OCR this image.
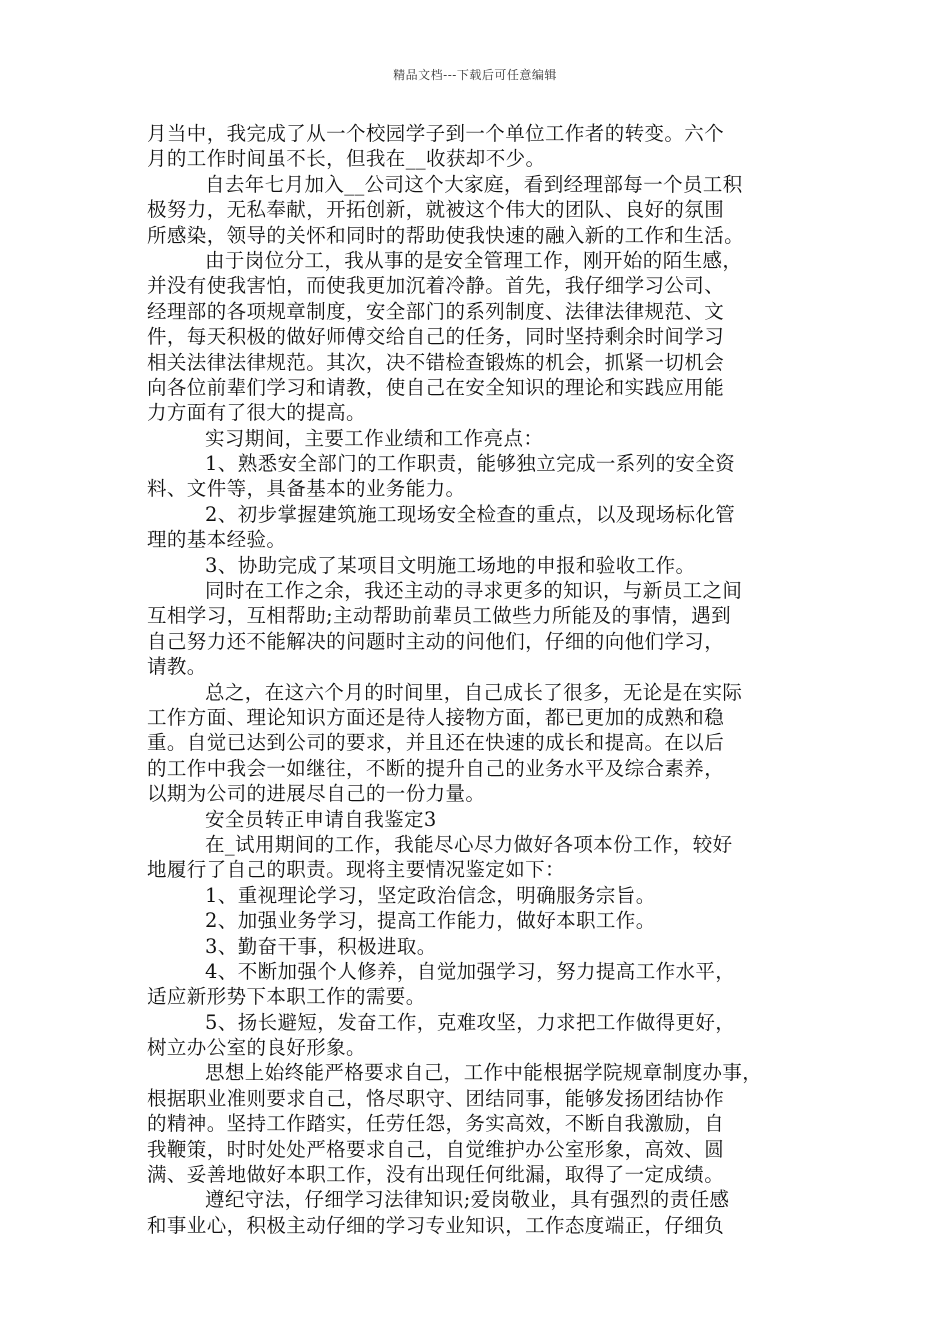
精品文档---下载后可任意编辑
月当中，我完成了从一个校园学子到一个单位工作者的转变。六个
月的工作时间虽不长，但我在__收获却不少。
自去年七月加入__公司这个大家庭，看到经理部每一个员工积
极努力，无私奉献，开拓创新，就被这个伟大的团队、良好的氛围
所感染，领导的关怀和同时的帮助使我快速的融入新的工作和生活。
由于岗位分工，我从事的是安全管理工作，刚开始的陌生感，
并没有使我害怕，而使我更加沉着冷静。首先，我仔细学习公司、
经理部的各项规章制度，安全部门的系列制度、法律法律规范、文
件，每天积极的做好师傅交给自己的任务，同时坚持剩余时间学习
相关法律法律规范。其次，决不错检查锻炼的机会，抓紧一切机会
向各位前辈们学习和请教，使自己在安全知识的理论和实践应用能
力方面有了很大的提高。
实习期间，主要工作业绩和工作亮点：
1、熟悉安全部门的工作职责，能够独立完成一系列的安全资
料、文件等，具备基本的业务能力。
2、初步掌握建筑施工现场安全检查的重点，以及现场标化管
理的基本经验。
3、协助完成了某项目文明施工场地的申报和验收工作。
同时在工作之余，我还主动的寻求更多的知识，与新员工之间
互相学习，互相帮助;主动帮助前辈员工做些力所能及的事情，遇到
自己努力还不能解决的问题时主动的问他们，仔细的向他们学习，
请教。
总之，在这六个月的时间里，自己成长了很多，无论是在实际
工作方面、理论知识方面还是待人接物方面，都已更加的成熟和稳
重。自觉已达到公司的要求，并且还在快速的成长和提高。在以后
的工作中我会一如继往，不断的提升自己的业务水平及综合素养，
以期为公司的进展尽自己的一份力量。
安全员转正申请自我鉴定3
在_试用期间的工作，我能尽心尽力做好各项本份工作，较好
地履行了自己的职责。现将主要情况鉴定如下：
1、重视理论学习，坚定政治信念，明确服务宗旨。
2、加强业务学习，提高工作能力，做好本职工作。
3、勤奋干事，积极进取。
4、不断加强个人修养，自觉加强学习，努力提高工作水平，
适应新形势下本职工作的需要。
5、扬长避短，发奋工作，克难攻坚，力求把工作做得更好，
树立办公室的良好形象。
思想上始终能严格要求自己，工作中能根据学院规章制度办事，
根据职业准则要求自己，恪尽职守、团结同事，能够发扬团结协作
的精神。坚持工作踏实，任劳任怨，务实高效，不断自我激励，自
我鞭策，时时处处严格要求自己，自觉维护办公室形象，高效、圆
满、妥善地做好本职工作，没有出现任何纰漏，取得了一定成绩。
遵纪守法，仔细学习法律知识;爱岗敬业，具有强烈的责任感
和事业心，积极主动仔细的学习专业知识，工作态度端正，仔细负
